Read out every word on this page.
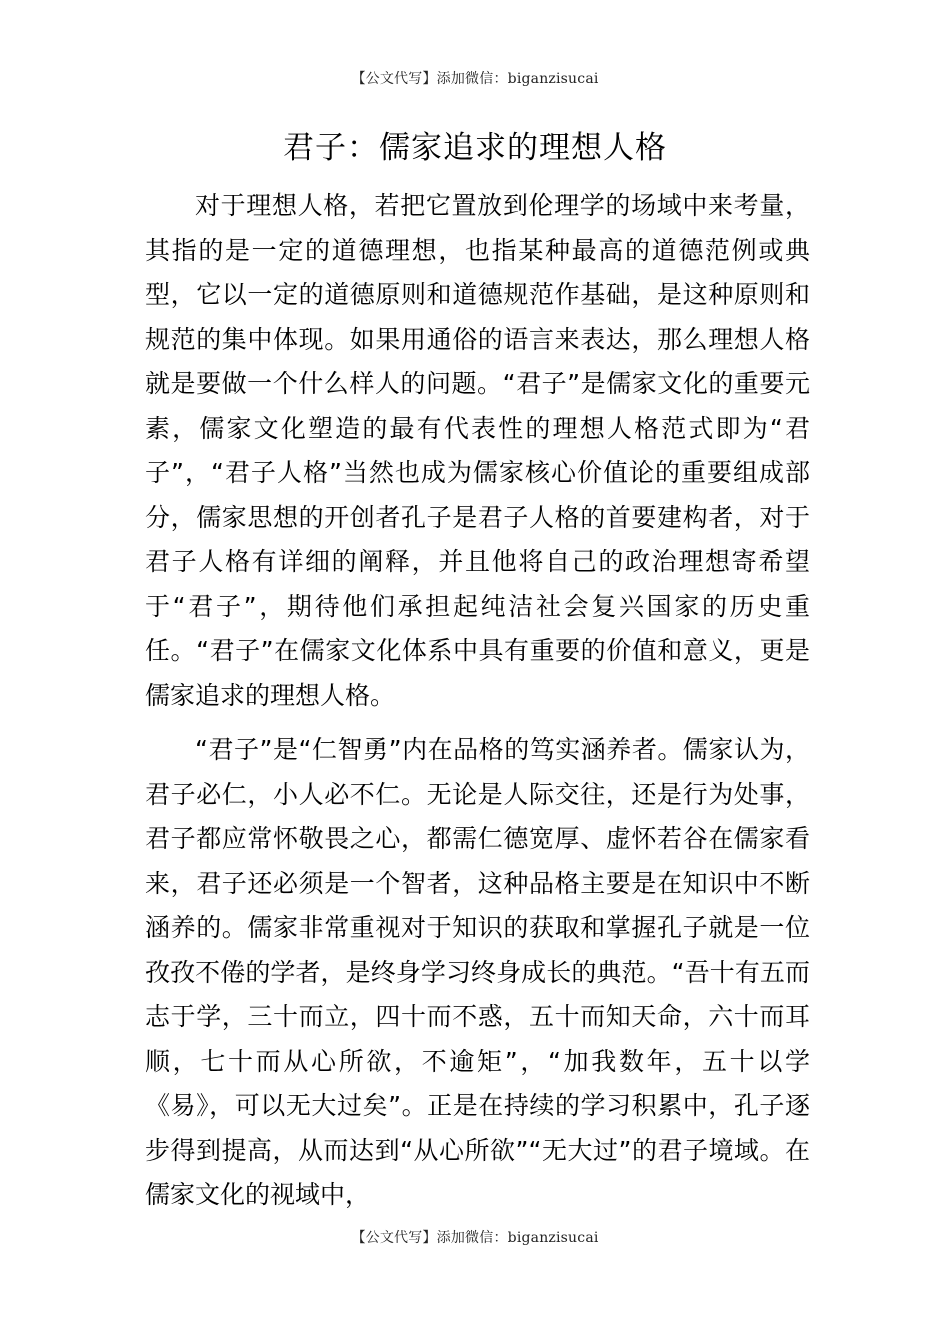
【公文代写】添加微信：biganzisucai
君子：儒家追求的理想人格

对于理想人格，若把它置放到伦理学的场域中来考量，其指的是一定的道德理想，也指某种最高的道德范例或典型，它以一定的道德原则和道德规范作基础，是这种原则和规范的集中体现。如果用通俗的语言来表达，那么理想人格就是要做一个什么样人的问题。“君子”是儒家文化的重要元素，儒家文化塑造的最有代表性的理想人格范式即为“君子”，“君子人格”当然也成为儒家核心价值论的重要组成部分，儒家思想的开创者孔子是君子人格的首要建构者，对于君子人格有详细的阐释，并且他将自己的政治理想寄希望于“君子”，期待他们承担起纯洁社会复兴国家的历史重任。“君子”在儒家文化体系中具有重要的价值和意义，更是儒家追求的理想人格。

“君子”是“仁智勇”内在品格的笃实涵养者。儒家认为，君子必仁，小人必不仁。无论是人际交往，还是行为处事，君子都应常怀敬畏之心，都需仁德宽厚、虚怀若谷在儒家看来，君子还必须是一个智者，这种品格主要是在知识中不断涵养的。儒家非常重视对于知识的获取和掌握孔子就是一位孜孜不倦的学者，是终身学习终身成长的典范。“吾十有五而志于学，三十而立，四十而不惑，五十而知天命，六十而耳顺，七十而从心所欲，不逾矩”，“加我数年，五十以学《易》，可以无大过矣”。正是在持续的学习积累中，孔子逐步得到提高，从而达到“从心所欲”“无大过”的君子境域。在儒家文化的视域中，

【公文代写】添加微信：biganzisucai
